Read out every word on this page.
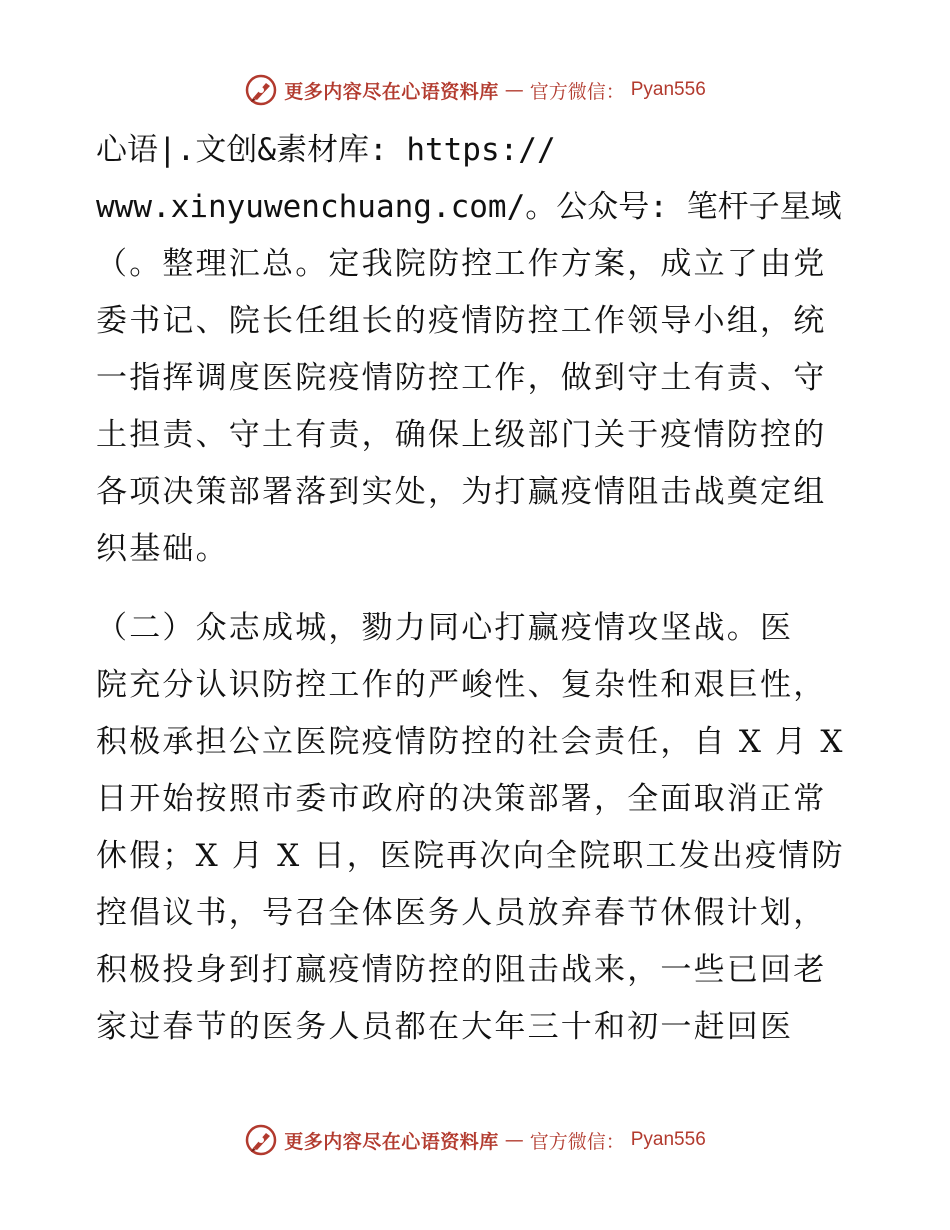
更多内容尽在心语资料库 — 官方微信： Pyan556
心语|.文创&素材库: https://
www.xinyuwenchuang.com/。公众号: 笔杆子星域
（。整理汇总。定我院防控工作方案，成立了由党
委书记、院长任组长的疫情防控工作领导小组，统
一指挥调度医院疫情防控工作，做到守土有责、守
土担责、守土有责，确保上级部门关于疫情防控的
各项决策部署落到实处，为打赢疫情阻击战奠定组
织基础。
（二）众志成城，勠力同心打赢疫情攻坚战。医
院充分认识防控工作的严峻性、复杂性和艰巨性，
积极承担公立医院疫情防控的社会责任，自 X 月 X
日开始按照市委市政府的决策部署，全面取消正常
休假；X 月 X 日，医院再次向全院职工发出疫情防
控倡议书，号召全体医务人员放弃春节休假计划，
积极投身到打赢疫情防控的阻击战来，一些已回老
家过春节的医务人员都在大年三十和初一赶回医
更多内容尽在心语资料库 — 官方微信： Pyan556
